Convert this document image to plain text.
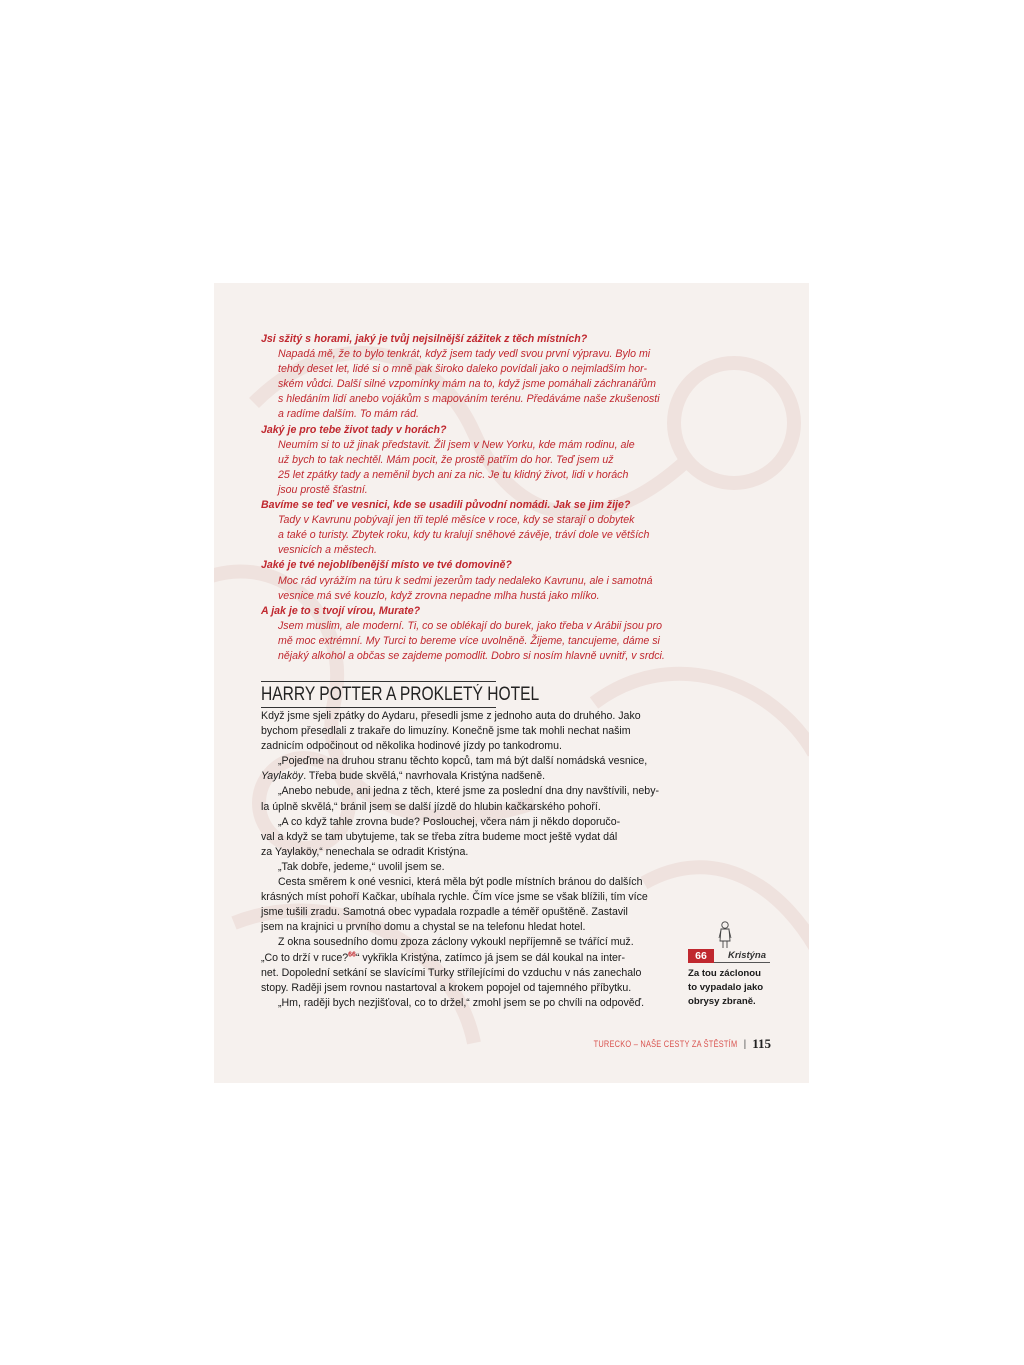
Jsi sžitý s horami, jaký je tvůj nejsilnější zážitek z těch místních?

Napadá mě, že to bylo tenkrát, když jsem tady vedl svou první výpravu. Bylo mi
tehdy deset let, lidé si o mně pak široko daleko povídali jako o nejmladším hor-
ském vůdci. Další silné vzpomínky mám na to, když jsme pomáhali záchranářům
s hledáním lidí anebo vojákům s mapováním terénu. Předáváme naše zkušenosti
a radíme dalším. To mám rád.

Jaký je pro tebe život tady v horách?

Neumím si to už jinak představit. Žil jsem v New Yorku, kde mám rodinu, ale
už bych to tak nechtěl. Mám pocit, že prostě patřím do hor. Teď jsem už
25 let zpátky tady a neměnil bych ani za nic. Je tu klidný život, lidi v horách
jsou prostě šťastní.

Bavíme se teď ve vesnici, kde se usadili původní nomádi. Jak se jim žije?

Tady v Kavrunu pobývají jen tři teplé měsíce v roce, kdy se starají o dobytek
a také o turisty. Zbytek roku, kdy tu kralují sněhové závěje, tráví dole ve větších
vesnicích a městech.

Jaké je tvé nejoblíbenější místo ve tvé domovině?

Moc rád vyrážím na túru k sedmi jezerům tady nedaleko Kavrunu, ale i samotná
vesnice má své kouzlo, když zrovna nepadne mlha hustá jako mlíko.

A jak je to s tvojí vírou, Murate?

Jsem muslim, ale moderní. Ti, co se oblékají do burek, jako třeba v Arábii jsou pro
mě moc extrémní. My Turci to bereme více uvolněně. Žijeme, tancujeme, dáme si
nějaký alkohol a občas se zajdeme pomodlit. Dobro si nosím hlavně uvnitř, v srdci.

HARRY POTTER A PROKLETÝ HOTEL

Když jsme sjeli zpátky do Aydaru, přesedli jsme z jednoho auta do druhého. Jako
bychom přesedlali z trakaře do limuzíny. Konečně jsme tak mohli nechat našim
zadnicím odpočinout od několika hodinové jízdy po tankodromu.

„Pojeďme na druhou stranu těchto kopců, tam má být další nomádská vesnice,
Yaylaköy. Třeba bude skvělá,“ navrhovala Kristýna nadšeně.

„Anebo nebude, ani jedna z těch, které jsme za poslední dna dny navštívili, neby-
la úplně skvělá,“ bránil jsem se další jízdě do hlubin kačkarského pohoří.

„A co když tahle zrovna bude? Poslouchej, včera nám ji někdo doporučo-
val a když se tam ubytujeme, tak se třeba zítra budeme moct ještě vydat dál
za Yaylaköy,“ nenechala se odradit Kristýna.

„Tak dobře, jedeme,“ uvolil jsem se.

Cesta směrem k oné vesnici, která měla být podle místních bránou do dalších
krásných míst pohoří Kačkar, ubíhala rychle. Čím více jsme se však blížili, tím více
jsme tušili zradu. Samotná obec vypadala rozpadle a téměř opuštěně. Zastavil
jsem na krajnici u prvního domu a chystal se na telefonu hledat hotel.

Z okna sousedního domu zpoza záclony vykoukl nepříjemně se tvářící muž.
„Co to drží v ruce?$^{66}$“ vykřikla Kristýna, zatímco já jsem se dál koukal na inter-
net. Dopolední setkání se slavícími Turky střílejícími do vzduchu v nás zanechalo
stopy. Raději jsem rovnou nastartoval a krokem popojel od tajemného příbytku.

„Hm, raději bych nezjišťoval, co to držel,“ zmohl jsem se po chvíli na odpověď.

66	Kristýna
Za tou záclonou
to vypadalo jako
obrysy zbraně.
TURECKO – NAŠE CESTY ZA ŠTĚSTÍM | 115
